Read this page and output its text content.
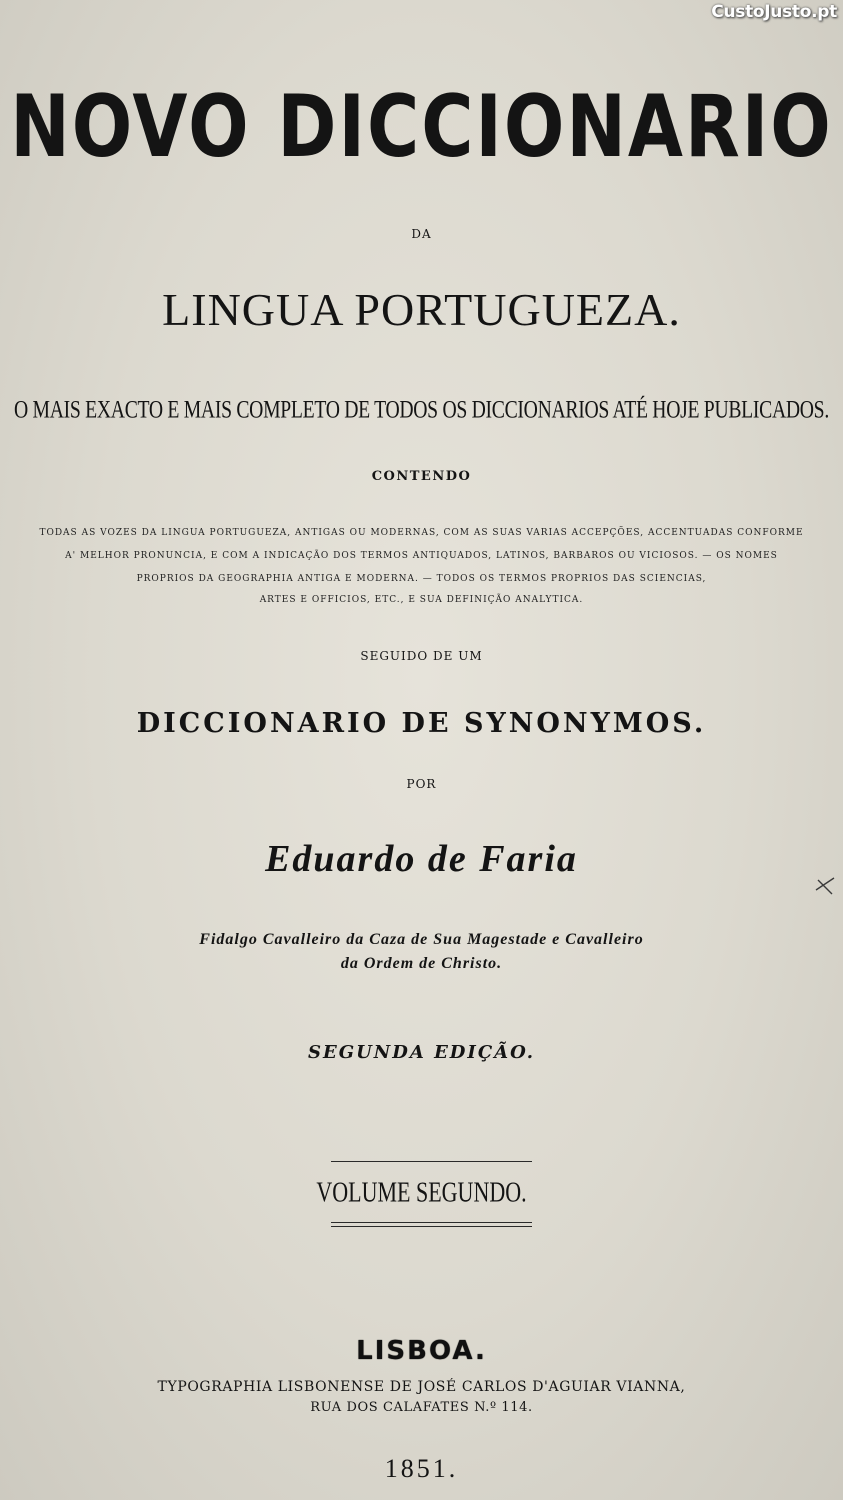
CustoJusto.pt
NOVO DICCIONARIO
DA
LINGUA PORTUGUEZA.
O MAIS EXACTO E MAIS COMPLETO DE TODOS OS DICCIONARIOS ATÉ HOJE PUBLICADOS.
CONTENDO
TODAS AS VOZES DA LINGUA PORTUGUEZA, ANTIGAS OU MODERNAS, COM AS SUAS VARIAS ACCEPÇÕES, ACCENTUADAS CONFORME
A' MELHOR PRONUNCIA, E COM A INDICAÇÃO DOS TERMOS ANTIQUADOS, LATINOS, BARBAROS OU VICIOSOS. — OS NOMES
PROPRIOS DA GEOGRAPHIA ANTIGA E MODERNA. — TODOS OS TERMOS PROPRIOS DAS SCIENCIAS,
ARTES E OFFICIOS, ETC., E SUA DEFINIÇÃO ANALYTICA.
SEGUIDO DE UM
DICCIONARIO DE SYNONYMOS.
POR
Eduardo de Faria
Fidalgo Cavalleiro da Caza de Sua Magestade e Cavalleiro
da Ordem de Christo.
SEGUNDA EDIÇÃO.
VOLUME SEGUNDO.
LISBOA.
TYPOGRAPHIA LISBONENSE DE JOSÉ CARLOS D'AGUIAR VIANNA,
RUA DOS CALAFATES N.º 114.
1851.
